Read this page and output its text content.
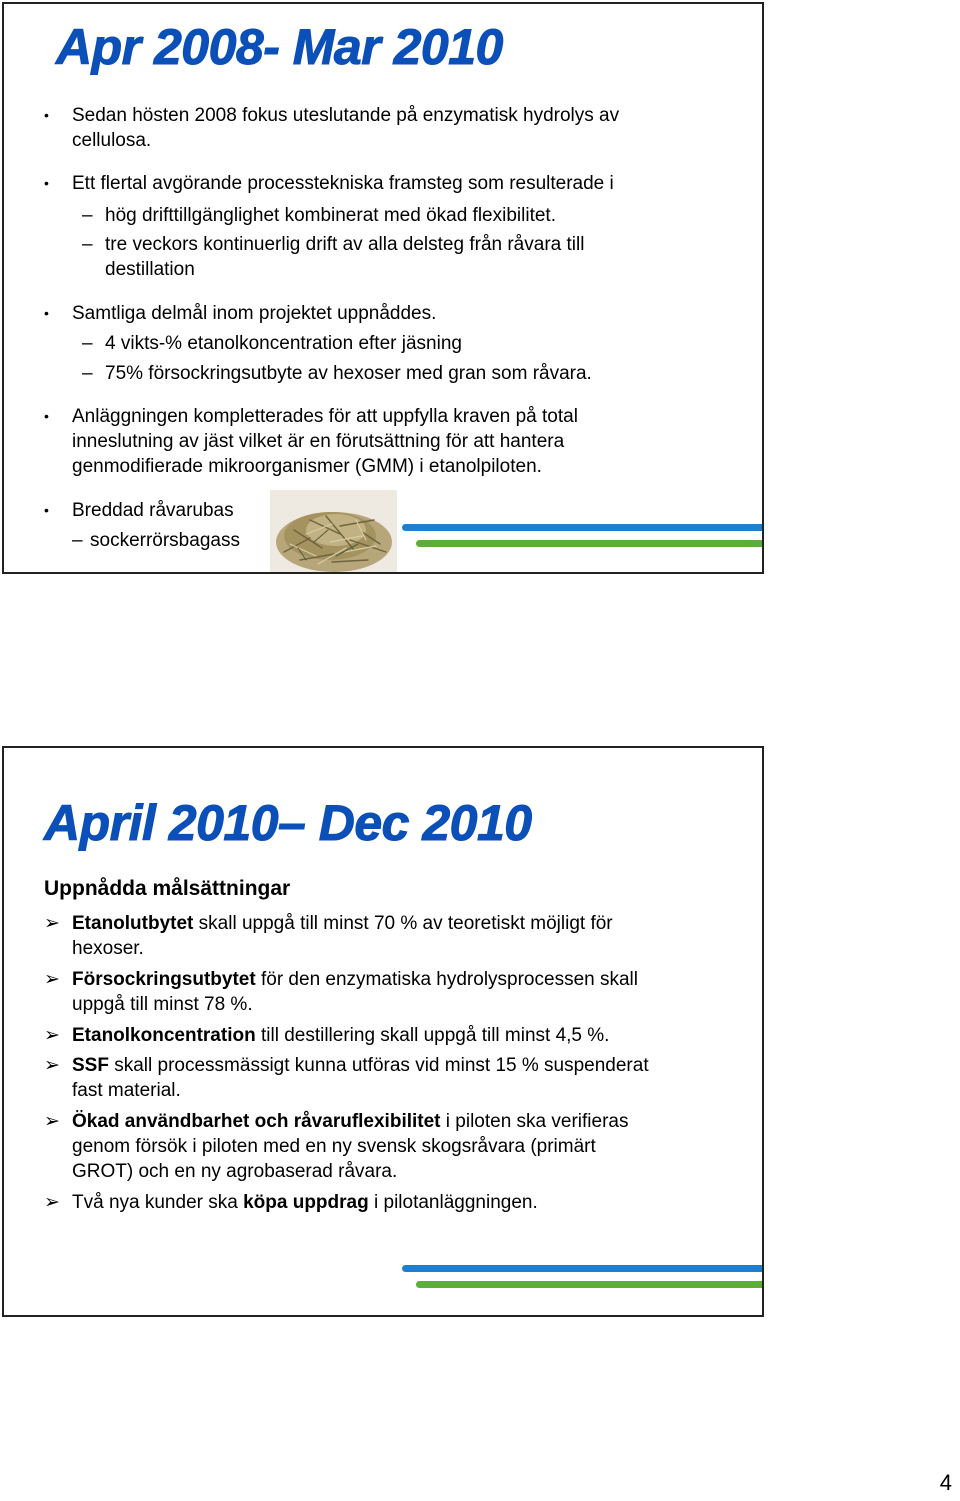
Apr 2008- Mar 2010
• Sedan hösten 2008 fokus uteslutande på enzymatisk hydrolys av
cellulosa.
• Ett flertal avgörande processtekniska framsteg som resulterade i
– hög drifttillgänglighet kombinerat med ökad flexibilitet.
– tre veckors kontinuerlig drift av alla delsteg från råvara till
destillation
• Samtliga delmål inom projektet uppnåddes.
– 4 vikts-% etanolkoncentration efter jäsning
– 75% försockringsutbyte av hexoser med gran som råvara.
• Anläggningen kompletterades för att uppfylla kraven på total
inneslutning av jäst vilket är en förutsättning för att hantera
genmodifierade mikroorganismer (GMM) i etanolpiloten.
• Breddad råvarubas
– sockerrörsbagass
April 2010– Dec 2010
Uppnådda målsättningar
➢ Etanolutbytet skall uppgå till minst 70 % av teoretiskt möjligt för
hexoser.
➢ Försockringsutbytet för den enzymatiska hydrolysprocessen skall
uppgå till minst 78 %.
➢ Etanolkoncentration till destillering skall uppgå till minst 4,5 %.
➢ SSF skall processmässigt kunna utföras vid minst 15 % suspenderat
fast material.
➢ Ökad användbarhet och råvaruflexibilitet i piloten ska verifieras
genom försök i piloten med en ny svensk skogsråvara (primärt
GROT) och en ny agrobaserad råvara.
➢ Två nya kunder ska köpa uppdrag i pilotanläggningen.
4
